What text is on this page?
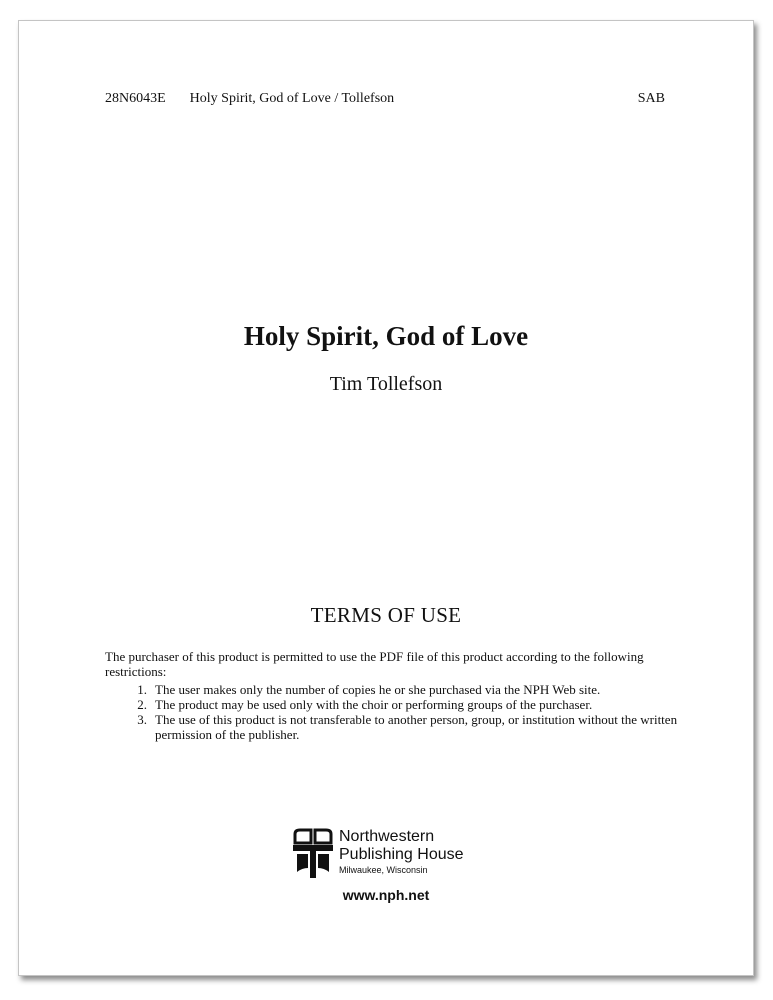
28N6043E Holy Spirit, God of Love / Tollefson	SAB
Holy Spirit, God of Love
Tim Tollefson
TERMS OF USE
The purchaser of this product is permitted to use the PDF file of this product according to the following restrictions:
1. The user makes only the number of copies he or she purchased via the NPH Web site.
2. The product may be used only with the choir or performing groups of the purchaser.
3. The use of this product is not transferable to another person, group, or institution without the written permission of the publisher.
Northwestern
Publishing House
Milwaukee, Wisconsin
www.nph.net
